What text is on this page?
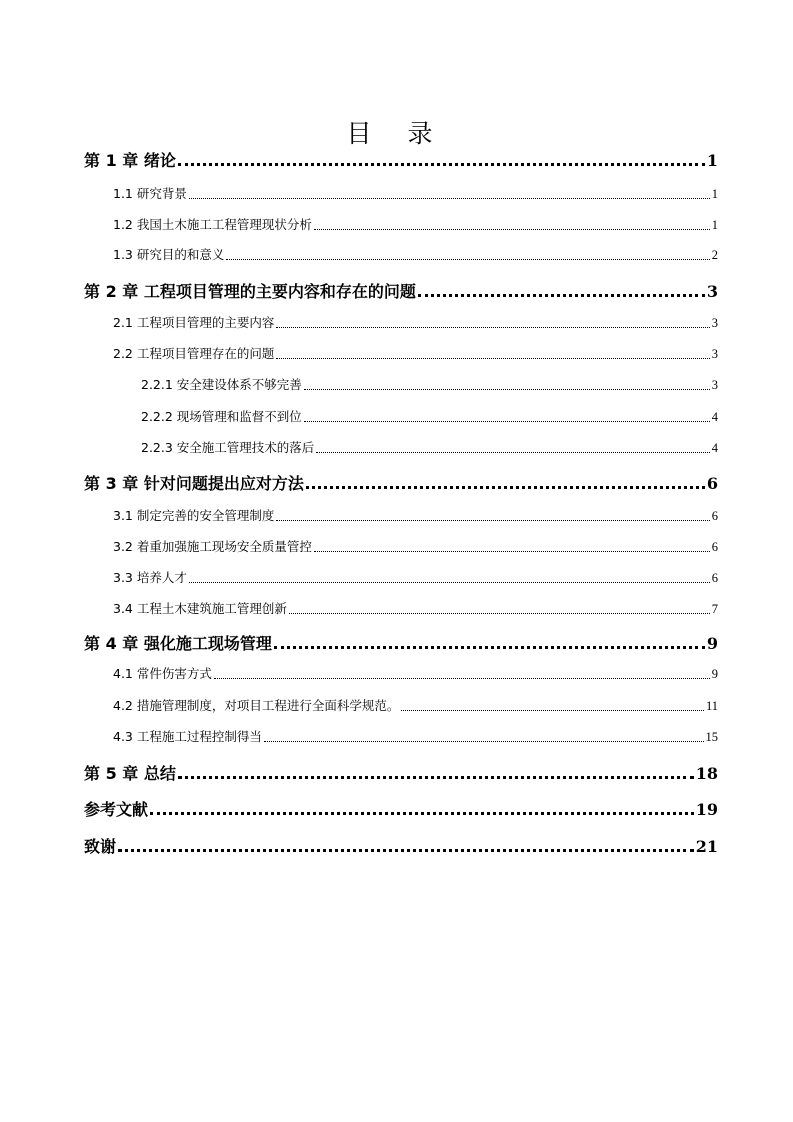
目 录
第 1 章 绪论	1
1.1 研究背景	1
1.2 我国土木施工工程管理现状分析	1
1.3 研究目的和意义	2
第 2 章 工程项目管理的主要内容和存在的问题	3
2.1 工程项目管理的主要内容	3
2.2 工程项目管理存在的问题	3
2.2.1 安全建设体系不够完善	3
2.2.2 现场管理和监督不到位	4
2.2.3 安全施工管理技术的落后	4
第 3 章 针对问题提出应对方法	6
3.1 制定完善的安全管理制度	6
3.2 着重加强施工现场安全质量管控	6
3.3 培养人才	6
3.4 工程土木建筑施工管理创新	7
第 4 章 强化施工现场管理	9
4.1 常件伤害方式	9
4.2 措施管理制度，对项目工程进行全面科学规范。	11
4.3 工程施工过程控制得当	15
第 5 章 总结	18
参考文献	19
致谢	21
